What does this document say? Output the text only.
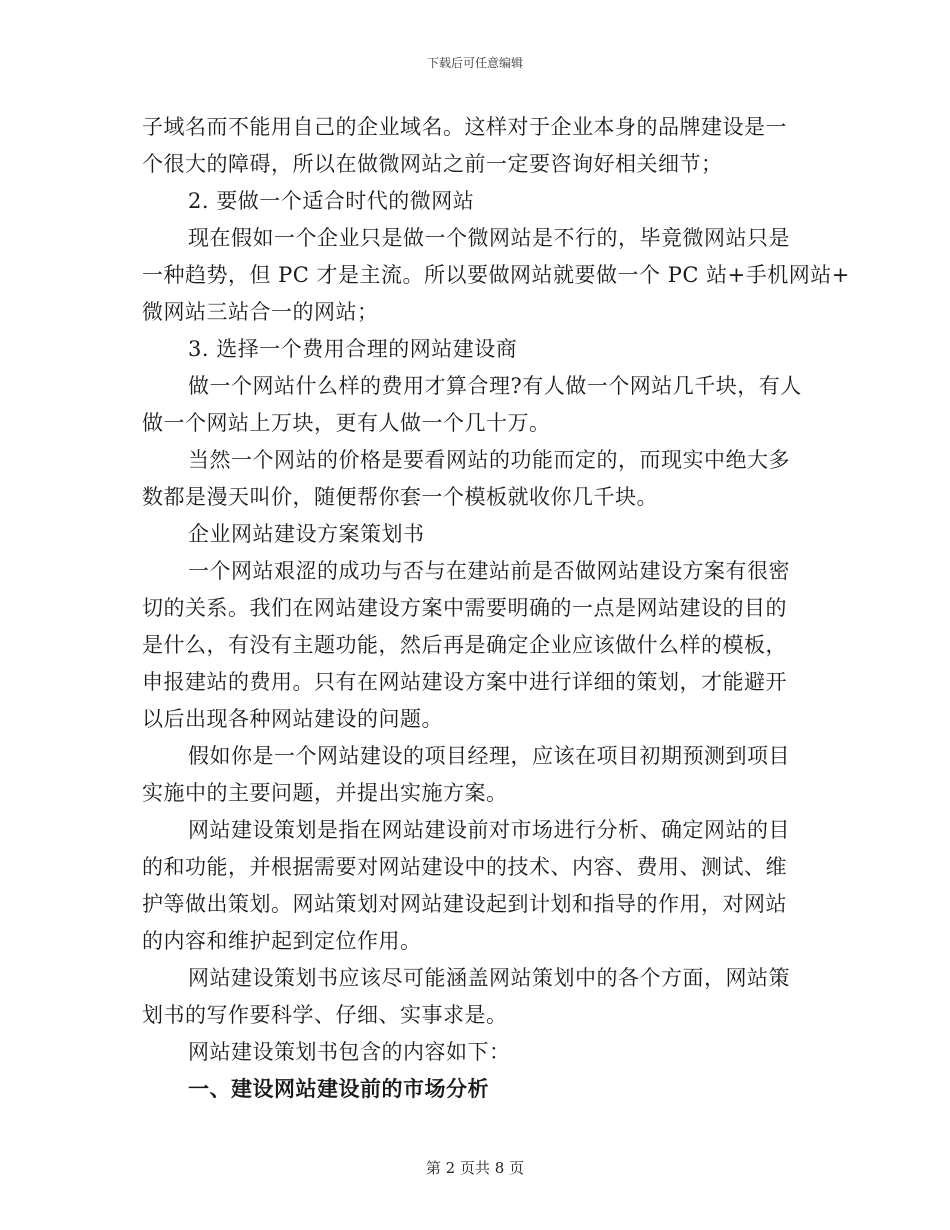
下载后可任意编辑
子域名而不能用自己的企业域名。这样对于企业本身的品牌建设是一
个很大的障碍，所以在做微网站之前一定要咨询好相关细节；
2. 要做一个适合时代的微网站
现在假如一个企业只是做一个微网站是不行的，毕竟微网站只是
一种趋势，但 PC 才是主流。所以要做网站就要做一个 PC 站+手机网站+
微网站三站合一的网站；
3. 选择一个费用合理的网站建设商
做一个网站什么样的费用才算合理?有人做一个网站几千块，有人
做一个网站上万块，更有人做一个几十万。
当然一个网站的价格是要看网站的功能而定的，而现实中绝大多
数都是漫天叫价，随便帮你套一个模板就收你几千块。
企业网站建设方案策划书
一个网站艰涩的成功与否与在建站前是否做网站建设方案有很密
切的关系。我们在网站建设方案中需要明确的一点是网站建设的目的
是什么，有没有主题功能，然后再是确定企业应该做什么样的模板，
申报建站的费用。只有在网站建设方案中进行详细的策划，才能避开
以后出现各种网站建设的问题。
假如你是一个网站建设的项目经理，应该在项目初期预测到项目
实施中的主要问题，并提出实施方案。
网站建设策划是指在网站建设前对市场进行分析、确定网站的目
的和功能，并根据需要对网站建设中的技术、内容、费用、测试、维
护等做出策划。网站策划对网站建设起到计划和指导的作用，对网站
的内容和维护起到定位作用。
网站建设策划书应该尽可能涵盖网站策划中的各个方面，网站策
划书的写作要科学、仔细、实事求是。
网站建设策划书包含的内容如下：
一、建设网站建设前的市场分析
第 2 页共 8 页
